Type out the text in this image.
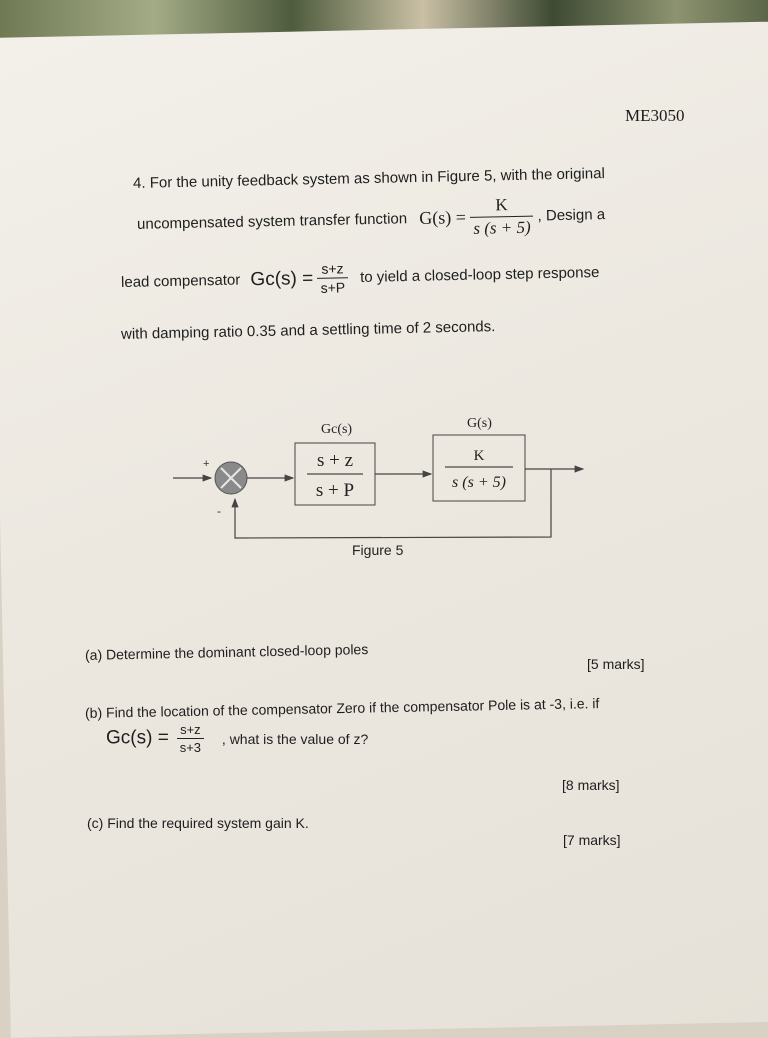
ME3050
4. For the unity feedback system as shown in Figure 5, with the original
uncompensated system transfer function $G(s) = \frac{K}{s (s + 5)}$ , Design a
lead compensator $Gc(s) = \frac{s+z}{s+P}$ to yield a closed-loop step response
with damping ratio 0.35 and a settling time of 2 seconds.
Gc(s)	G(s)
+	s + z
s + P
K
s (s + 5)
-
Figure 5
(a) Determine the dominant closed-loop poles
[5 marks]
(b) Find the location of the compensator Zero if the compensator Pole is at -3, i.e. if
$Gc(s) = \frac{s+z}{s+3}$ , what is the value of z?
[8 marks]
(c) Find the required system gain K.
[7 marks]
